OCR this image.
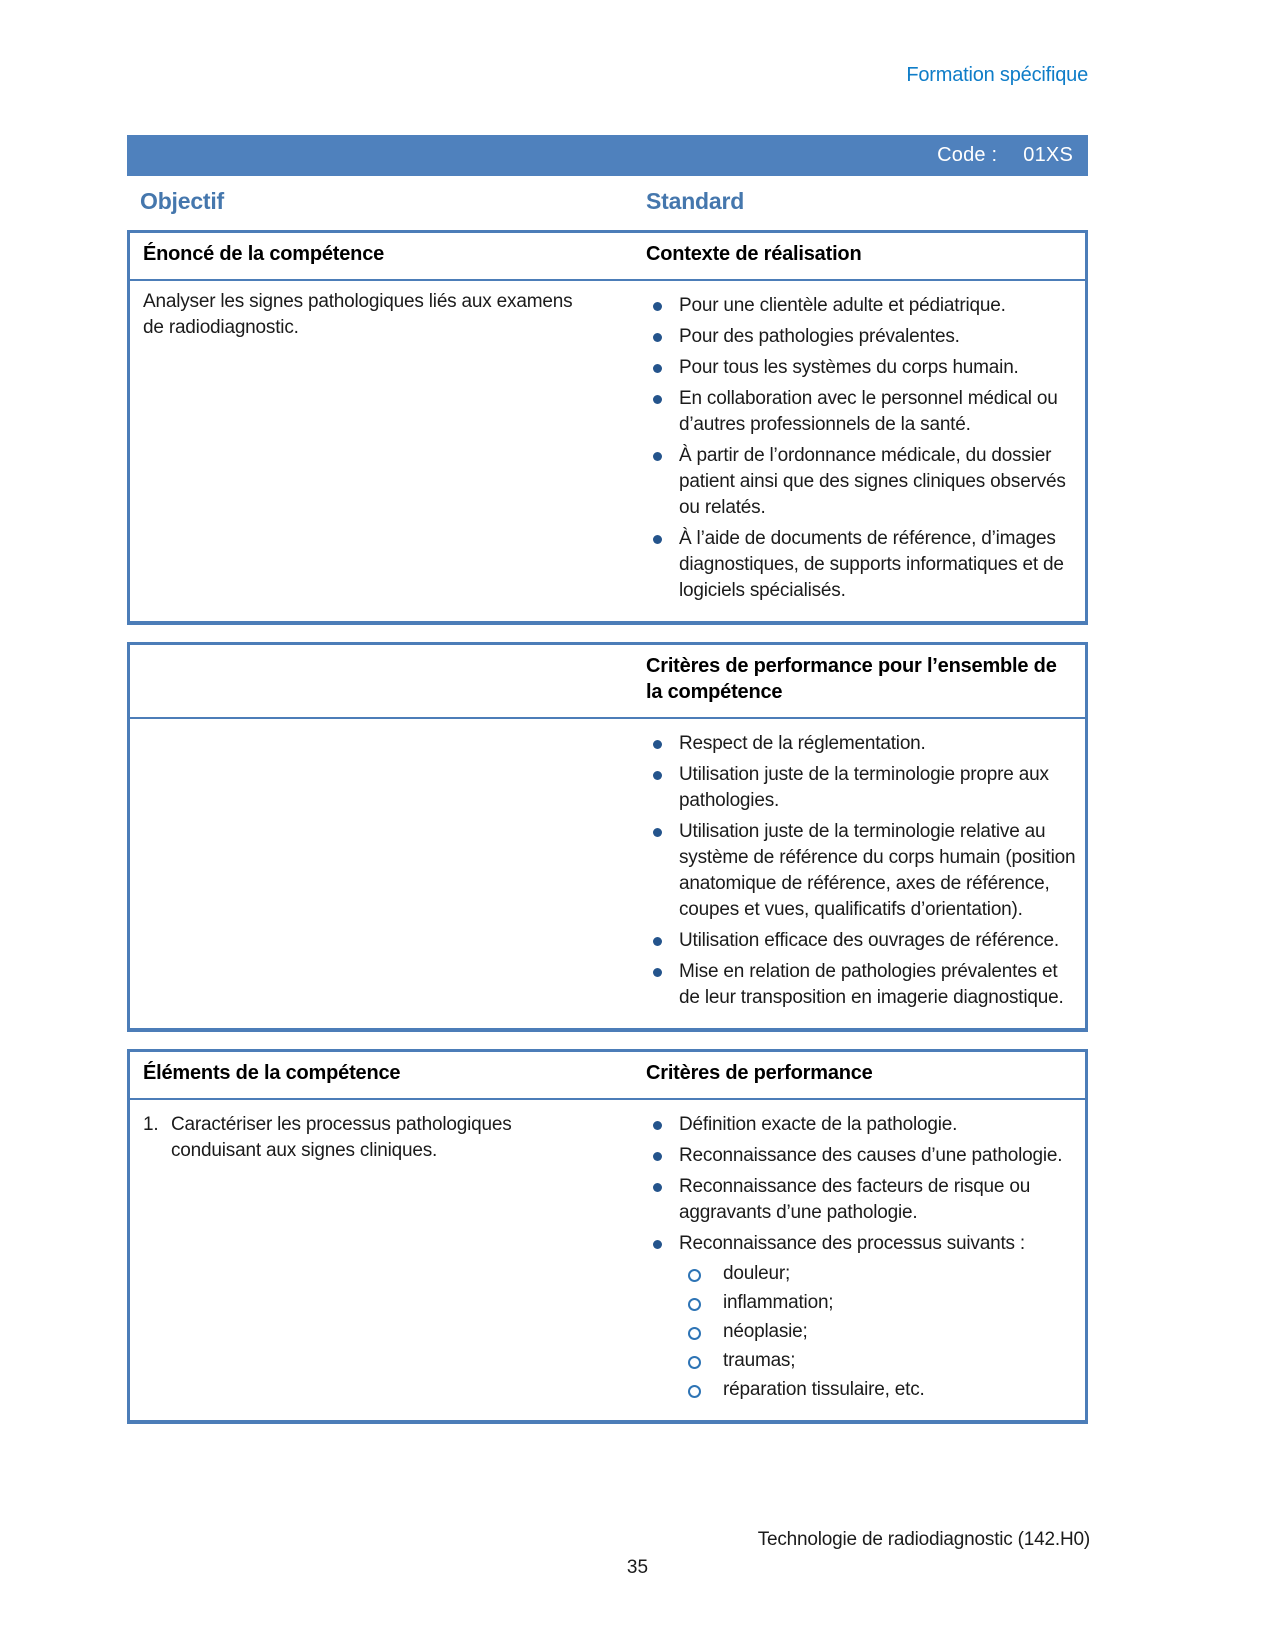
Formation spécifique
Code : 01XS
Objectif	Standard
Énoncé de la compétence	Contexte de réalisation
Analyser les signes pathologiques liés aux examens de radiodiagnostic.
Pour une clientèle adulte et pédiatrique.
Pour des pathologies prévalentes.
Pour tous les systèmes du corps humain.
En collaboration avec le personnel médical ou d’autres professionnels de la santé.
À partir de l’ordonnance médicale, du dossier patient ainsi que des signes cliniques observés ou relatés.
À l’aide de documents de référence, d’images diagnostiques, de supports informatiques et de logiciels spécialisés.
Critères de performance pour l’ensemble de la compétence
Respect de la réglementation.
Utilisation juste de la terminologie propre aux pathologies.
Utilisation juste de la terminologie relative au système de référence du corps humain (position anatomique de référence, axes de référence, coupes et vues, qualificatifs d’orientation).
Utilisation efficace des ouvrages de référence.
Mise en relation de pathologies prévalentes et de leur transposition en imagerie diagnostique.
Éléments de la compétence	Critères de performance
1. Caractériser les processus pathologiques conduisant aux signes cliniques.
Définition exacte de la pathologie.
Reconnaissance des causes d’une pathologie.
Reconnaissance des facteurs de risque ou aggravants d’une pathologie.
Reconnaissance des processus suivants :
douleur;
inflammation;
néoplasie;
traumas;
réparation tissulaire, etc.
Technologie de radiodiagnostic (142.H0)
35
